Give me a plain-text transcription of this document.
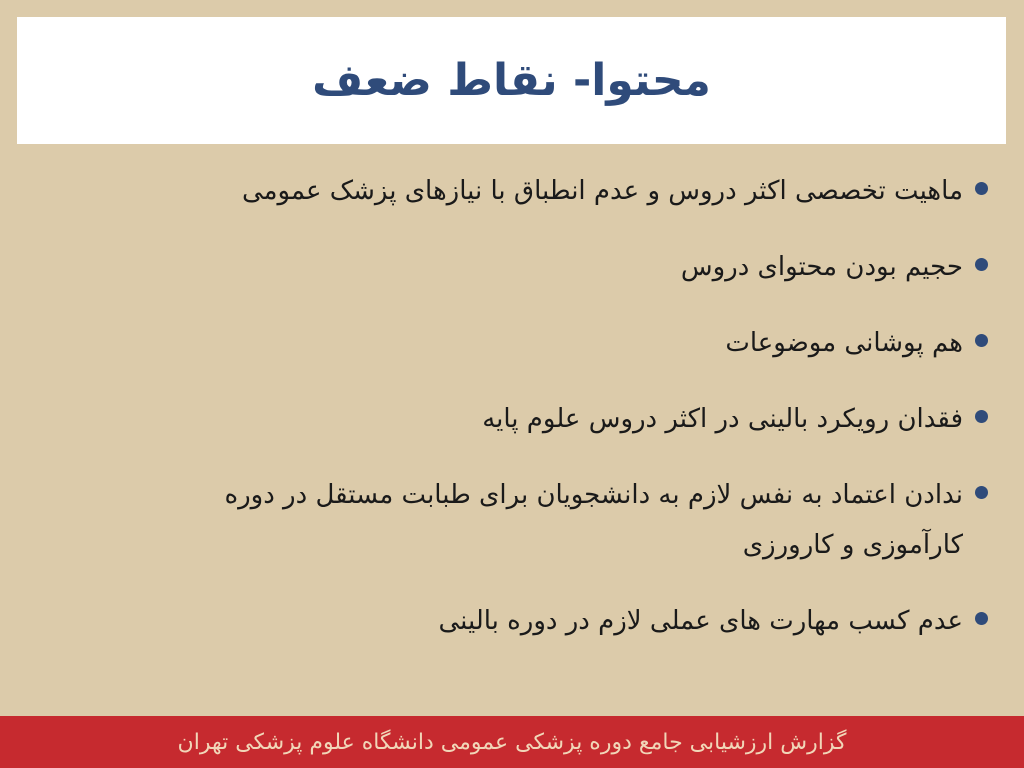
محتوا- نقاط ضعف
ماهیت تخصصی اکثر دروس و عدم انطباق با نیازهای پزشک عمومی
حجیم بودن محتوای دروس
هم پوشانی موضوعات
فقدان رویکرد بالینی در اکثر دروس علوم پایه
ندادن اعتماد به نفس لازم به دانشجویان برای طبابت مستقل در دوره کارآموزی و کارورزی
عدم کسب مهارت های عملی لازم در دوره بالینی
گزارش ارزشیابی جامع دوره پزشکی عمومی دانشگاه علوم پزشکی تهران
